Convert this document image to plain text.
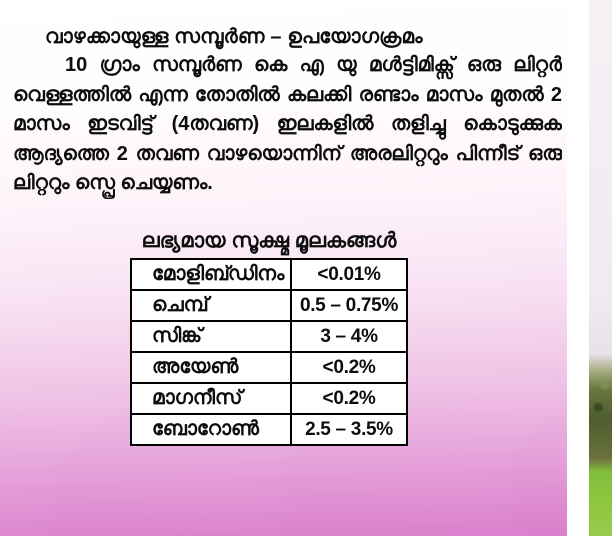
വാഴക്കായുള്ള സമ്പൂർണ – ഉപയോഗക്രമം
10 ഗ്രാം സമ്പൂർണ കെ എ യു മൾട്ടിമിക്സ് ഒരു ലിറ്റർ
വെള്ളത്തിൽ എന്ന തോതിൽ കലക്കി രണ്ടാം മാസം മുതൽ 2
മാസം ഇടവിട്ട് (4തവണ) ഇലകളിൽ തളിച്ചു കൊടുക്കുക
ആദ്യത്തെ 2 തവണ വാഴയൊന്നിന് അരലിറ്ററും പിന്നീട് ഒരു
ലിറ്ററും സ്പ്രെ ചെയ്യണം.
ലഭ്യമായ സൂക്ഷ്മ മൂലകങ്ങൾ
മോളിബ്ഡിനം	<0.01%
ചെമ്പ്	0.5 – 0.75%
സിങ്ക്	3 – 4%
അയേൺ	<0.2%
മാഗനീസ്	<0.2%
ബോറോൺ	2.5 – 3.5%
